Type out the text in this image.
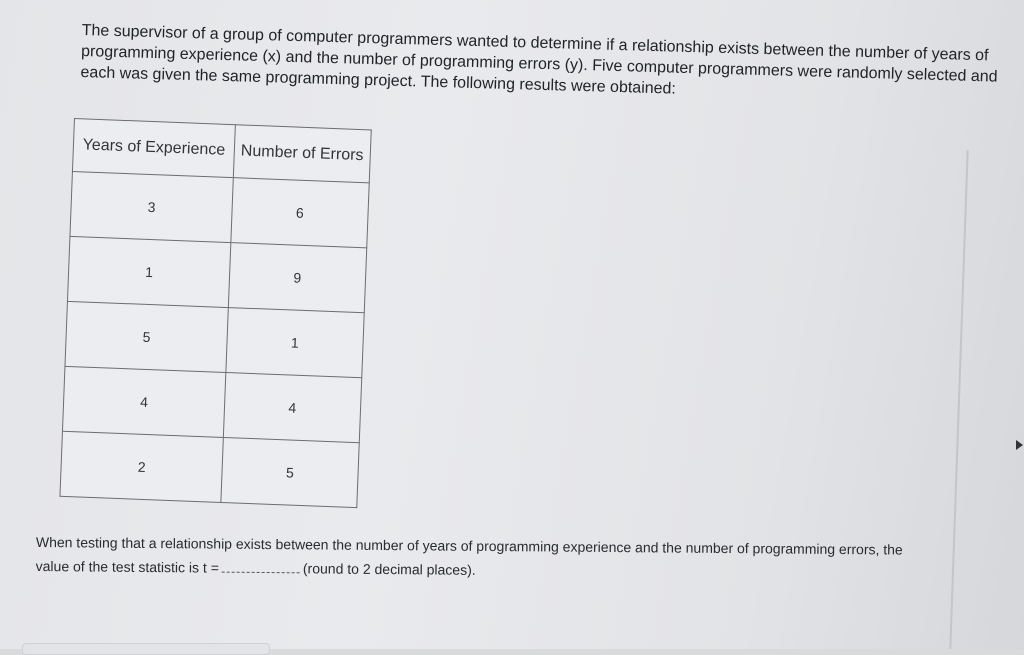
The supervisor of a group of computer programmers wanted to determine if a relationship exists between the number of years of programming experience (x) and the number of programming errors (y). Five computer programmers were randomly selected and each was given the same programming project. The following results were obtained:

Years of Experience	Number of Errors
3	6
1	9
5	1
4	4
2	5

When testing that a relationship exists between the number of years of programming experience and the number of programming errors, the value of the test statistic is t =	(round to 2 decimal places).
